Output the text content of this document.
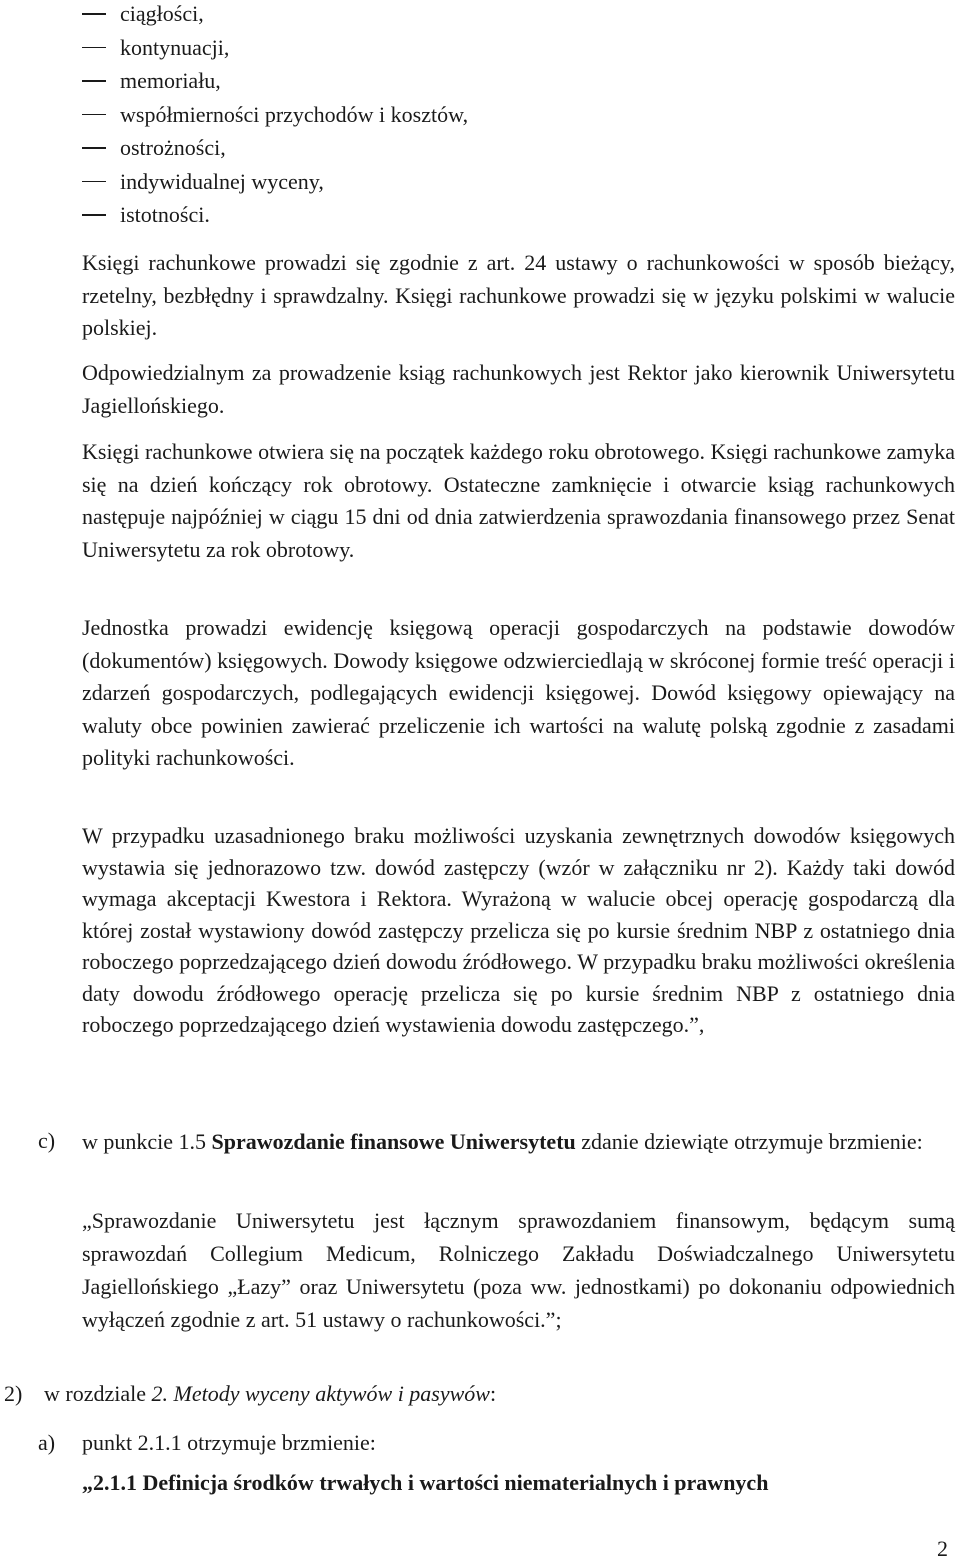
ciągłości,
kontynuacji,
memoriału,
współmierności przychodów i kosztów,
ostrożności,
indywidualnej wyceny,
istotności.

Księgi rachunkowe prowadzi się zgodnie z art. 24 ustawy o rachunkowości w sposób bieżący, rzetelny, bezbłędny i sprawdzalny. Księgi rachunkowe prowadzi się w języku polskimi w walucie polskiej.

Odpowiedzialnym za prowadzenie ksiąg rachunkowych jest Rektor jako kierownik Uniwersytetu Jagiellońskiego.

Księgi rachunkowe otwiera się na początek każdego roku obrotowego. Księgi rachunkowe zamyka się na dzień kończący rok obrotowy. Ostateczne zamknięcie i otwarcie ksiąg rachunkowych następuje najpóźniej w ciągu 15 dni od dnia zatwierdzenia sprawozdania finansowego przez Senat Uniwersytetu za rok obrotowy.

Jednostka prowadzi ewidencję księgową operacji gospodarczych na podstawie dowodów (dokumentów) księgowych. Dowody księgowe odzwierciedlają w skróconej formie treść operacji i zdarzeń gospodarczych, podlegających ewidencji księgowej. Dowód księgowy opiewający na waluty obce powinien zawierać przeliczenie ich wartości na walutę polską zgodnie z zasadami polityki rachunkowości.

W przypadku uzasadnionego braku możliwości uzyskania zewnętrznych dowodów księgowych wystawia się jednorazowo tzw. dowód zastępczy (wzór w załączniku nr 2). Każdy taki dowód wymaga akceptacji Kwestora i Rektora. Wyrażoną w walucie obcej operację gospodarczą dla której został wystawiony dowód zastępczy przelicza się po kursie średnim NBP z ostatniego dnia roboczego poprzedzającego dzień dowodu źródłowego. W przypadku braku możliwości określenia daty dowodu źródłowego operację przelicza się po kursie średnim NBP z ostatniego dnia roboczego poprzedzającego dzień wystawienia dowodu zastępczego.”,

c) w punkcie 1.5 Sprawozdanie finansowe Uniwersytetu zdanie dziewiąte otrzymuje brzmienie:

„Sprawozdanie Uniwersytetu jest łącznym sprawozdaniem finansowym, będącym sumą sprawozdań Collegium Medicum, Rolniczego Zakładu Doświadczalnego Uniwersytetu Jagiellońskiego „Łazy” oraz Uniwersytetu (poza ww. jednostkami) po dokonaniu odpowiednich wyłączeń zgodnie z art. 51 ustawy o rachunkowości.”;

2) w rozdziale 2. Metody wyceny aktywów i pasywów:
a) punkt 2.1.1 otrzymuje brzmienie:
„2.1.1 Definicja środków trwałych i wartości niematerialnych i prawnych
2
